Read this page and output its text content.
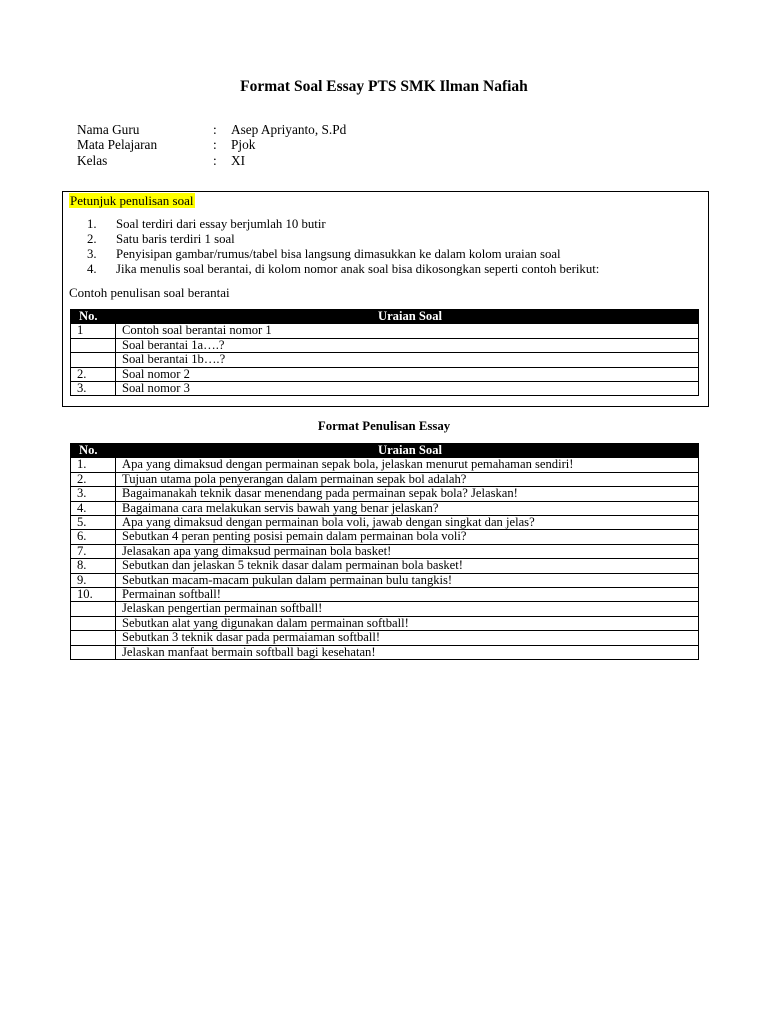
Format Soal Essay PTS SMK Ilman Nafiah
Nama Guru	: Asep Apriyanto, S.Pd
Mata Pelajaran	: Pjok
Kelas	: XI
Petunjuk penulisan soal
1. Soal terdiri dari essay berjumlah 10 butir
2. Satu baris terdiri 1 soal
3. Penyisipan gambar/rumus/tabel bisa langsung dimasukkan ke dalam kolom uraian soal
4. Jika menulis soal berantai, di kolom nomor anak soal bisa dikosongkan seperti contoh berikut:
Contoh penulisan soal berantai
No.	Uraian Soal
1	Contoh soal berantai nomor 1
	Soal berantai 1a….?
	Soal berantai 1b….?
2.	Soal nomor 2
3.	Soal nomor 3
Format Penulisan Essay
No.	Uraian Soal
1.	Apa yang dimaksud dengan permainan sepak bola, jelaskan menurut pemahaman sendiri!
2.	Tujuan utama pola penyerangan dalam permainan sepak bol adalah?
3.	Bagaimanakah teknik dasar menendang pada permainan sepak bola? Jelaskan!
4.	Bagaimana cara melakukan servis bawah yang benar jelaskan?
5.	Apa yang dimaksud dengan permainan bola voli, jawab dengan singkat dan jelas?
6.	Sebutkan 4 peran penting posisi pemain dalam permainan bola voli?
7.	Jelasakan apa yang dimaksud permainan bola basket!
8.	Sebutkan dan jelaskan 5 teknik dasar dalam permainan bola basket!
9.	Sebutkan macam-macam pukulan dalam permainan bulu tangkis!
10.	Permainan softball!
	Jelaskan pengertian permainan softball!
	Sebutkan alat yang digunakan dalam permainan softball!
	Sebutkan 3 teknik dasar pada permaiaman softball!
	Jelaskan manfaat bermain softball bagi kesehatan!
